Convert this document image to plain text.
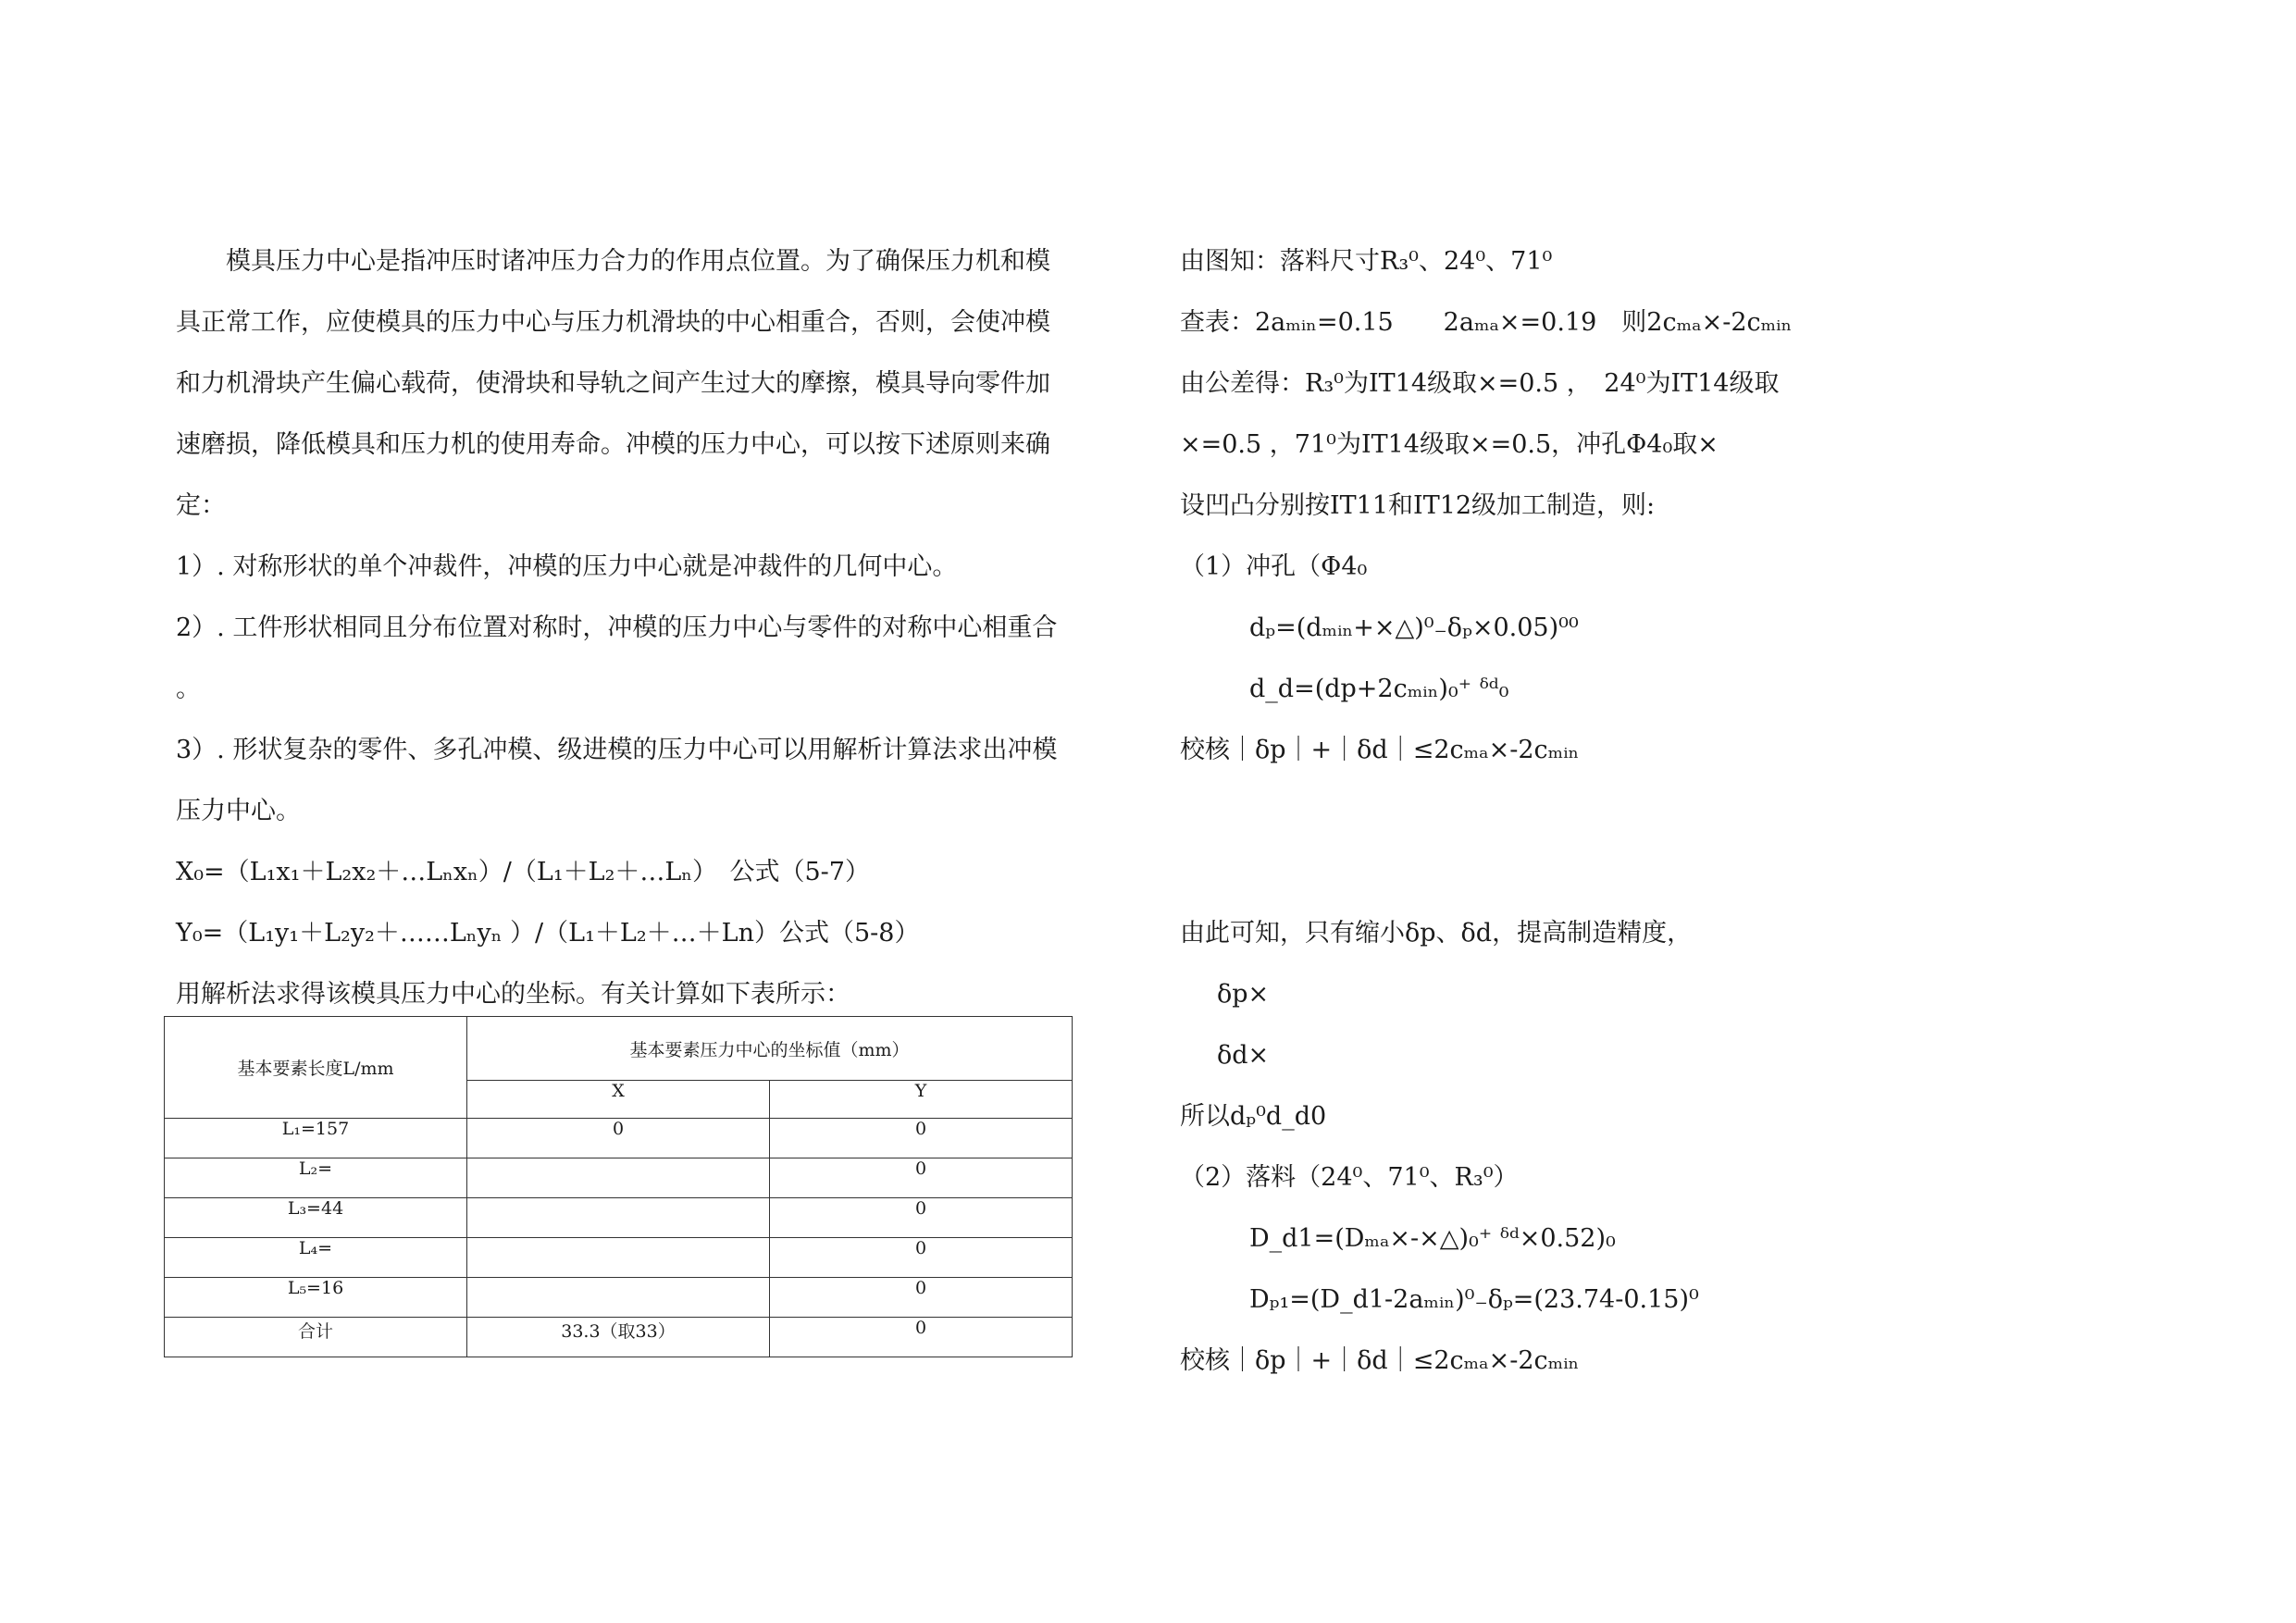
　　模具压力中心是指冲压时诸冲压力合力的作用点位置。为了确保压力机和模
具正常工作，应使模具的压力中心与压力机滑块的中心相重合，否则，会使冲模
和力机滑块产生偏心载荷，使滑块和导轨之间产生过大的摩擦，模具导向零件加
速磨损，降低模具和压力机的使用寿命。冲模的压力中心，可以按下述原则来确
定：
1）. 对称形状的单个冲裁件，冲模的压力中心就是冲裁件的几何中心。
2）. 工件形状相同且分布位置对称时，冲模的压力中心与零件的对称中心相重合
。
3）. 形状复杂的零件、多孔冲模、级进模的压力中心可以用解析计算法求出冲模
压力中心。
X₀=（L₁x₁＋L₂x₂＋…Lₙxₙ）/（L₁＋L₂＋…Lₙ）　公式（5-7）
Y₀=（L₁y₁＋L₂y₂＋……Lₙyₙ ）/（L₁＋L₂＋…＋Ln）公式（5-8）
用解析法求得该模具压力中心的坐标。有关计算如下表所示：
基本要素长度L/mm	基本要素压力中心的坐标值（mm）	
	X	Y
L₁=157	0	0
L₂=		0
L₃=44		0
L₄=		0
L₅=16		0
合计	33.3（取33）	0
由图知：落料尺寸R₃⁰、24⁰、71⁰
查表：2aₘᵢₙ=0.15　　2aₘₐ×=0.19　则2cₘₐ×-2cₘᵢₙ
由公差得：R₃⁰为IT14级取×=0.5 ，　24⁰为IT14级取
×=0.5 ，71⁰为IT14级取×=0.5，冲孔Φ4₀取×
设凹凸分别按IT11和IT12级加工制造，则:
（1）冲孔（Φ4₀
dₚ=(dₘᵢₙ+×△)⁰₋δₚ×0.05)⁰⁰
d_d=(dp+2cₘᵢₙ)₀⁺ ᵟᵈ₀
校核｜δp｜+｜δd｜≤2cₘₐ×-2cₘᵢₙ
由此可知，只有缩小δp、δd，提高制造精度，
δp×
δd×
所以dₚ⁰d_d0
（2）落料（24⁰、71⁰、R₃⁰）
D_d1=(Dₘₐ×-×△)₀⁺ ᵟᵈ×0.52)₀
Dₚ₁=(D_d1-2aₘᵢₙ)⁰₋δₚ=(23.74-0.15)⁰
校核｜δp｜+｜δd｜≤2cₘₐ×-2cₘᵢₙ
